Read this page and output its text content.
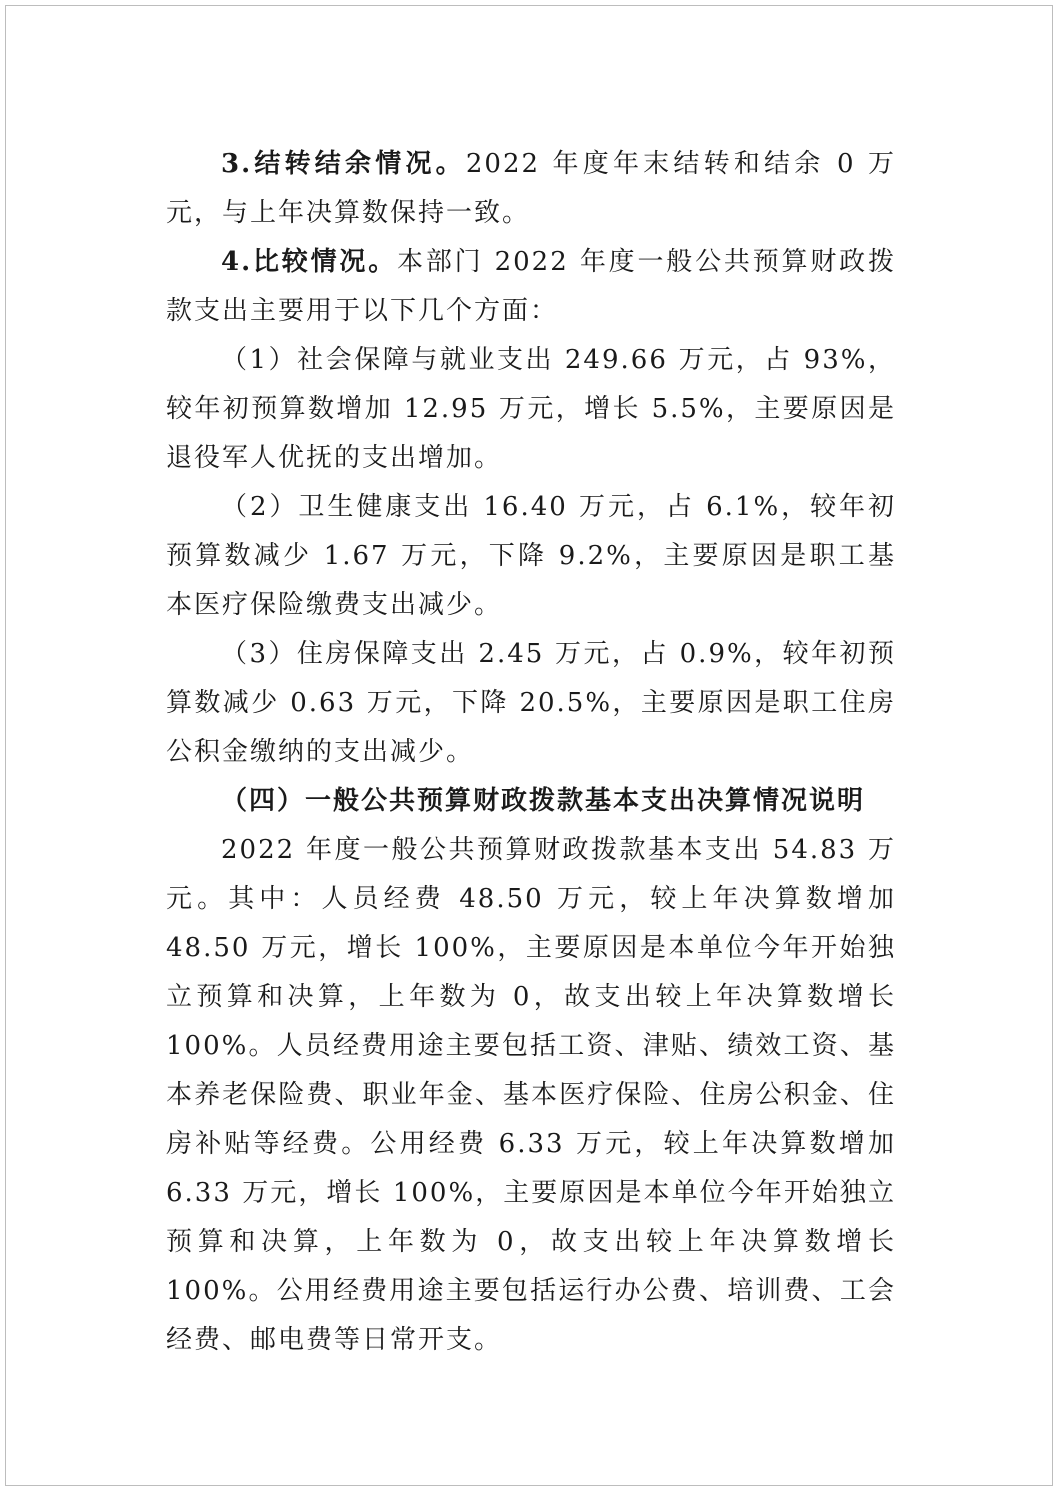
3.结转结余情况。2022 年度年末结转和结余 0 万元，与上年决算数保持一致。

4.比较情况。本部门 2022 年度一般公共预算财政拨款支出主要用于以下几个方面：

（1）社会保障与就业支出 249.66 万元，占 93%，较年初预算数增加 12.95 万元，增长 5.5%，主要原因是退役军人优抚的支出增加。

（2）卫生健康支出 16.40 万元，占 6.1%，较年初预算数减少 1.67 万元，下降 9.2%，主要原因是职工基本医疗保险缴费支出减少。

（3）住房保障支出 2.45 万元，占 0.9%，较年初预算数减少 0.63 万元，下降 20.5%，主要原因是职工住房公积金缴纳的支出减少。

（四）一般公共预算财政拨款基本支出决算情况说明

2022 年度一般公共预算财政拨款基本支出 54.83 万元。其中：人员经费 48.50 万元，较上年决算数增加 48.50 万元，增长 100%，主要原因是本单位今年开始独立预算和决算，上年数为 0，故支出较上年决算数增长 100%。人员经费用途主要包括工资、津贴、绩效工资、基本养老保险费、职业年金、基本医疗保险、住房公积金、住房补贴等经费。公用经费 6.33 万元，较上年决算数增加 6.33 万元，增长 100%，主要原因是本单位今年开始独立预算和决算，上年数为 0，故支出较上年决算数增长 100%。公用经费用途主要包括运行办公费、培训费、工会经费、邮电费等日常开支。
